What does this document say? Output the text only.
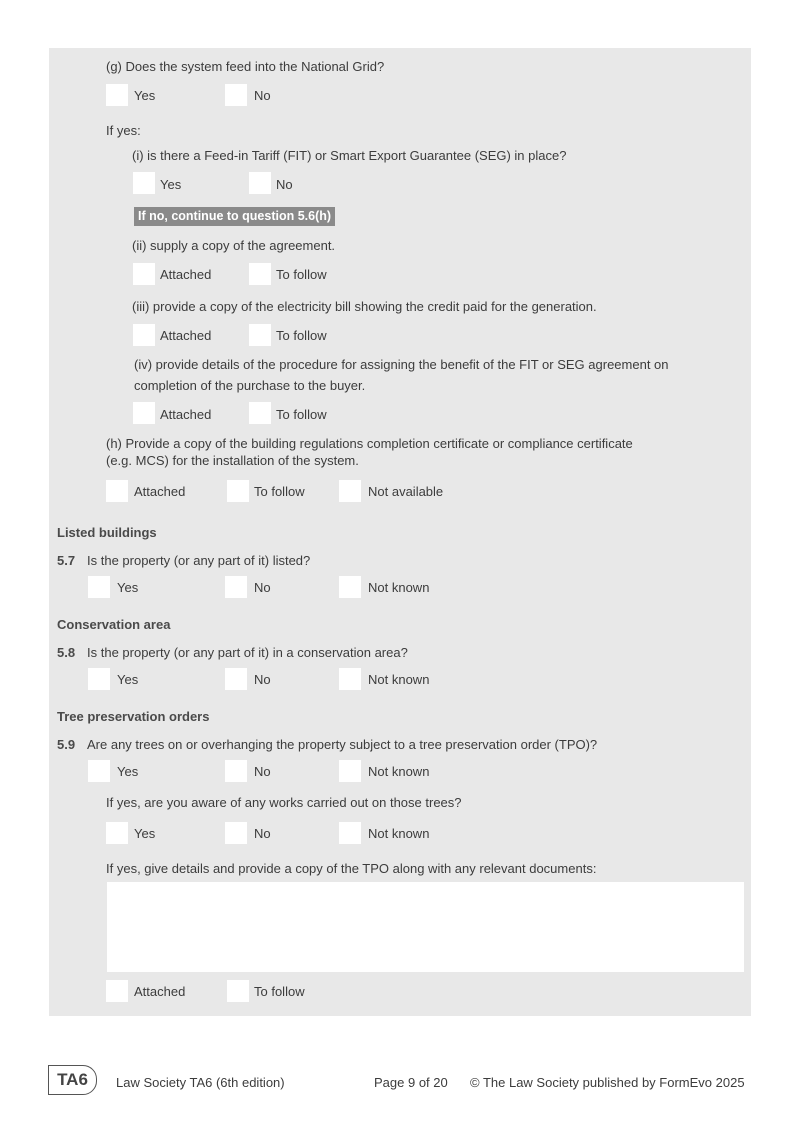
(g) Does the system feed into the National Grid?
Yes	No
If yes:
(i) is there a Feed-in Tariff (FIT) or Smart Export Guarantee (SEG) in place?
Yes	No
If no, continue to question 5.6(h)
(ii) supply a copy of the agreement.
Attached	To follow
(iii) provide a copy of the electricity bill showing the credit paid for the generation.
Attached	To follow
(iv) provide details of the procedure for assigning the benefit of the FIT or SEG agreement on
completion of the purchase to the buyer.
Attached	To follow
(h) Provide a copy of the building regulations completion certificate or compliance certificate
(e.g. MCS) for the installation of the system.
Attached	To follow	Not available
Listed buildings
5.7 Is the property (or any part of it) listed?
Yes	No	Not known
Conservation area
5.8 Is the property (or any part of it) in a conservation area?
Yes	No	Not known
Tree preservation orders
5.9 Are any trees on or overhanging the property subject to a tree preservation order (TPO)?
Yes	No	Not known
If yes, are you aware of any works carried out on those trees?
Yes	No	Not known
If yes, give details and provide a copy of the TPO along with any relevant documents:
Attached	To follow
TA6	Law Society TA6 (6th edition)	Page 9 of 20 © The Law Society published by FormEvo 2025
